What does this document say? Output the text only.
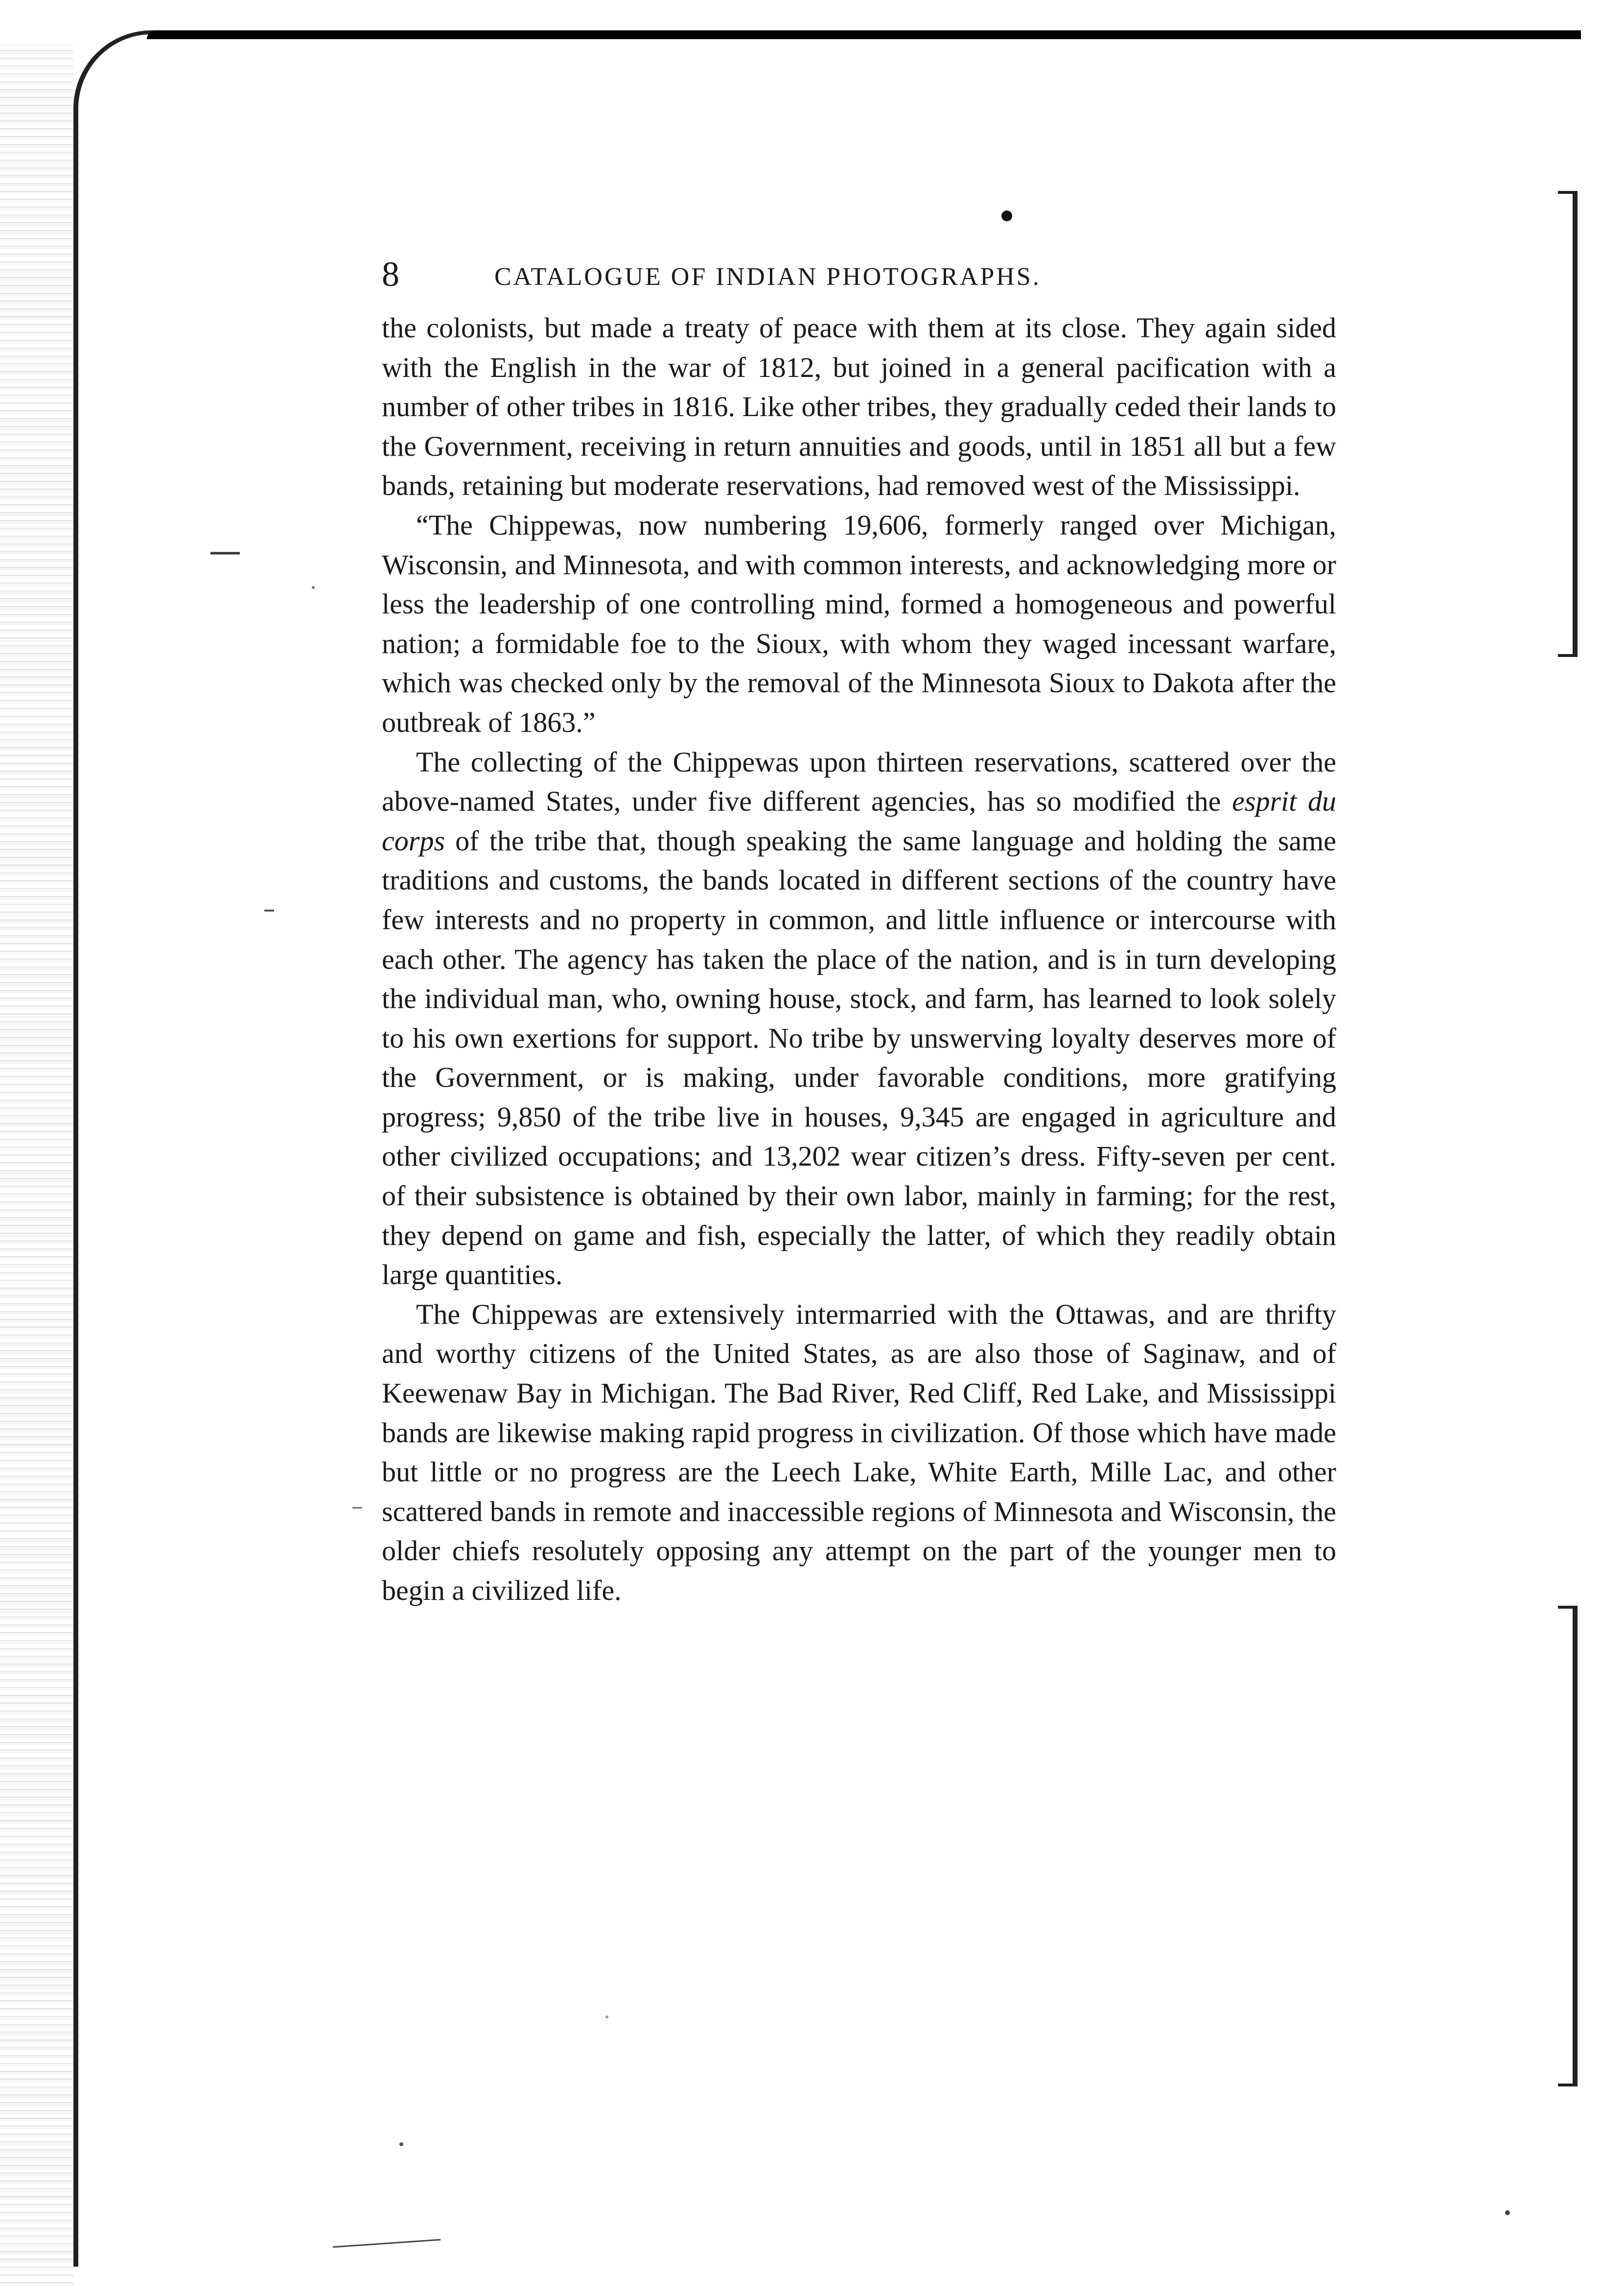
8	CATALOGUE OF INDIAN PHOTOGRAPHS.

the colonists, but made a treaty of peace with them at its close. They again sided with the English in the war of 1812, but joined in a general pacification with a number of other tribes in 1816. Like other tribes, they gradually ceded their lands to the Government, receiving in return annuities and goods, until in 1851 all but a few bands, retaining but moderate reservations, had removed west of the Mississippi.

“The Chippewas, now numbering 19,606, formerly ranged over Michigan, Wisconsin, and Minnesota, and with common interests, and acknowledging more or less the leadership of one controlling mind, formed a homogeneous and powerful nation; a formidable foe to the Sioux, with whom they waged incessant warfare, which was checked only by the removal of the Minnesota Sioux to Dakota after the outbreak of 1863.”

The collecting of the Chippewas upon thirteen reservations, scattered over the above-named States, under five different agencies, has so modified the esprit du corps of the tribe that, though speaking the same language and holding the same traditions and customs, the bands located in different sections of the country have few interests and no property in common, and little influence or intercourse with each other. The agency has taken the place of the nation, and is in turn developing the individual man, who, owning house, stock, and farm, has learned to look solely to his own exertions for support. No tribe by unswerving loyalty deserves more of the Government, or is making, under favorable conditions, more gratifying progress; 9,850 of the tribe live in houses, 9,345 are engaged in agriculture and other civilized occupations; and 13,202 wear citizen’s dress. Fifty-seven per cent. of their subsistence is obtained by their own labor, mainly in farming; for the rest, they depend on game and fish, especially the latter, of which they readily obtain large quantities.

The Chippewas are extensively intermarried with the Ottawas, and are thrifty and worthy citizens of the United States, as are also those of Saginaw, and of Keewenaw Bay in Michigan. The Bad River, Red Cliff, Red Lake, and Mississippi bands are likewise making rapid progress in civilization. Of those which have made but little or no progress are the Leech Lake, White Earth, Mille Lac, and other scattered bands in remote and inaccessible regions of Minnesota and Wisconsin, the older chiefs resolutely opposing any attempt on the part of the younger men to begin a civilized life.
